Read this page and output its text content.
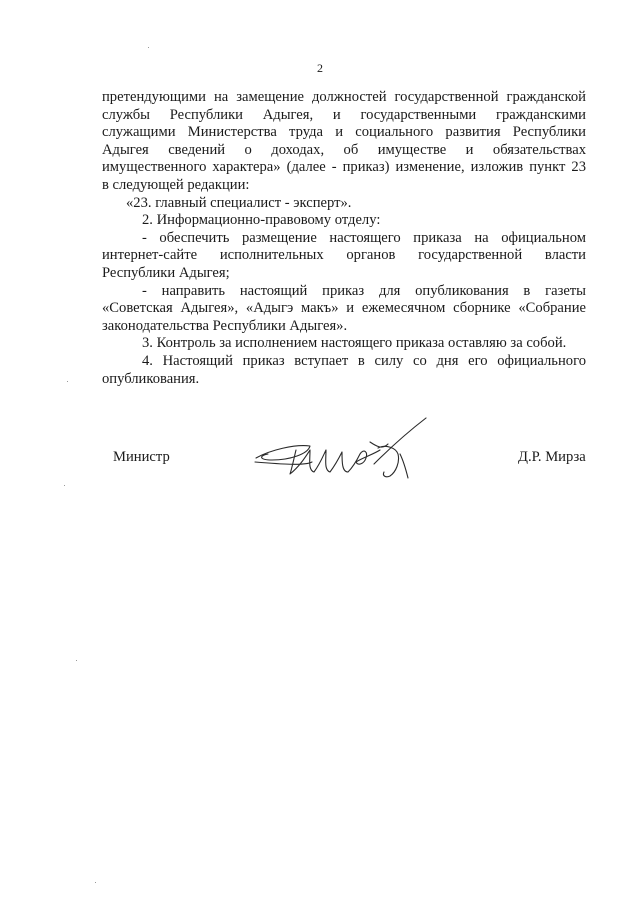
2

претендующими на замещение должностей государственной гражданской

службы Республики Адыгея, и государственными гражданскими

служащими Министерства труда и социального развития Республики

Адыгея сведений о доходах, об имуществе и обязательствах

имущественного характера» (далее - приказ) изменение, изложив пункт 23

в следующей редакции:

«23. главный специалист - эксперт».

2. Информационно-правовому отделу:

- обеспечить размещение настоящего приказа на официальном

интернет-сайте исполнительных органов государственной власти

Республики Адыгея;

- направить настоящий приказ для опубликования в газеты

«Советская Адыгея», «Адыгэ макъ» и ежемесячном сборнике «Собрание

законодательства Республики Адыгея».

3. Контроль за исполнением настоящего приказа оставляю за собой.

4. Настоящий приказ вступает в силу со дня его официального

опубликования.

Министр	Д.Р. Мирза
